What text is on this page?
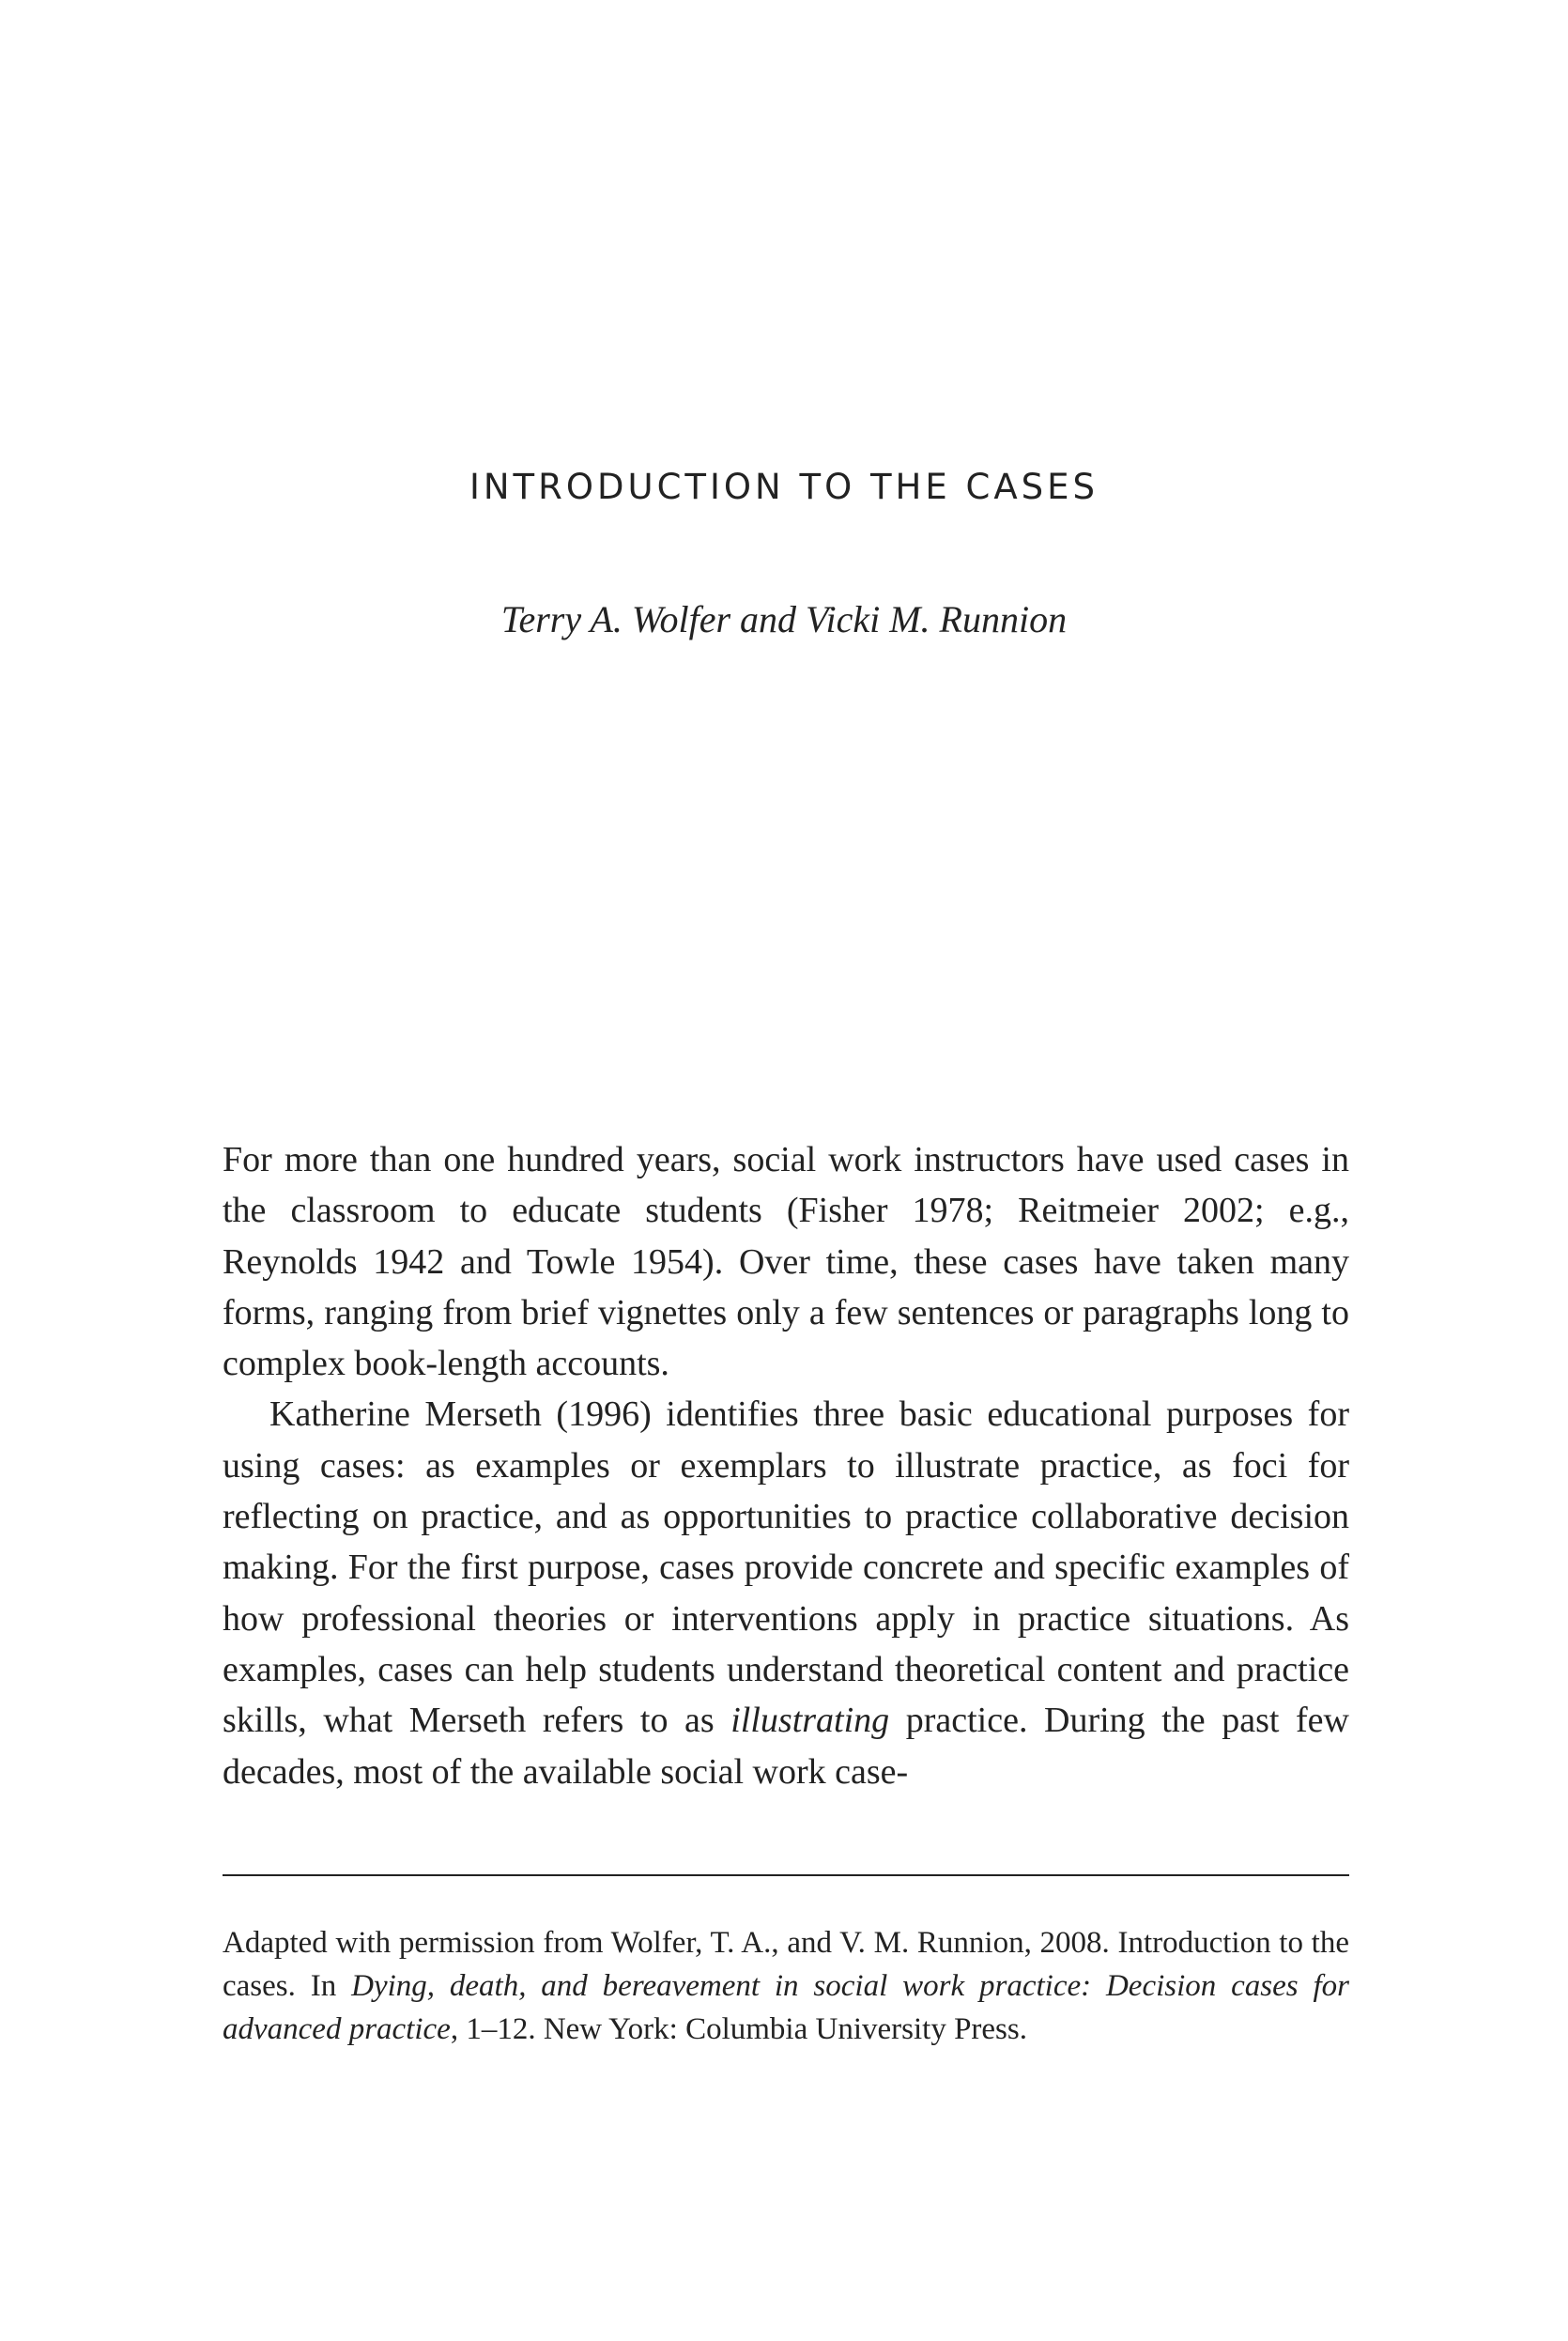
INTRODUCTION TO THE CASES

Terry A. Wolfer and Vicki M. Runnion

For more than one hundred years, social work instructors have used cases in the classroom to educate students (Fisher 1978; Reitmeier 2002; e.g., Reynolds 1942 and Towle 1954). Over time, these cases have taken many forms, ranging from brief vignettes only a few sentences or paragraphs long to complex book-length accounts.

Katherine Merseth (1996) identifies three basic educational purposes for using cases: as examples or exemplars to illustrate practice, as foci for reflecting on practice, and as opportunities to practice collaborative decision making. For the first purpose, cases provide concrete and specific examples of how professional theories or interventions apply in practice situations. As examples, cases can help students understand theoretical content and practice skills, what Merseth refers to as illustrating practice. During the past few decades, most of the available social work case-

Adapted with permission from Wolfer, T. A., and V. M. Runnion, 2008. Introduction to the cases. In Dying, death, and bereavement in social work practice: Decision cases for advanced practice, 1–12. New York: Columbia University Press.
